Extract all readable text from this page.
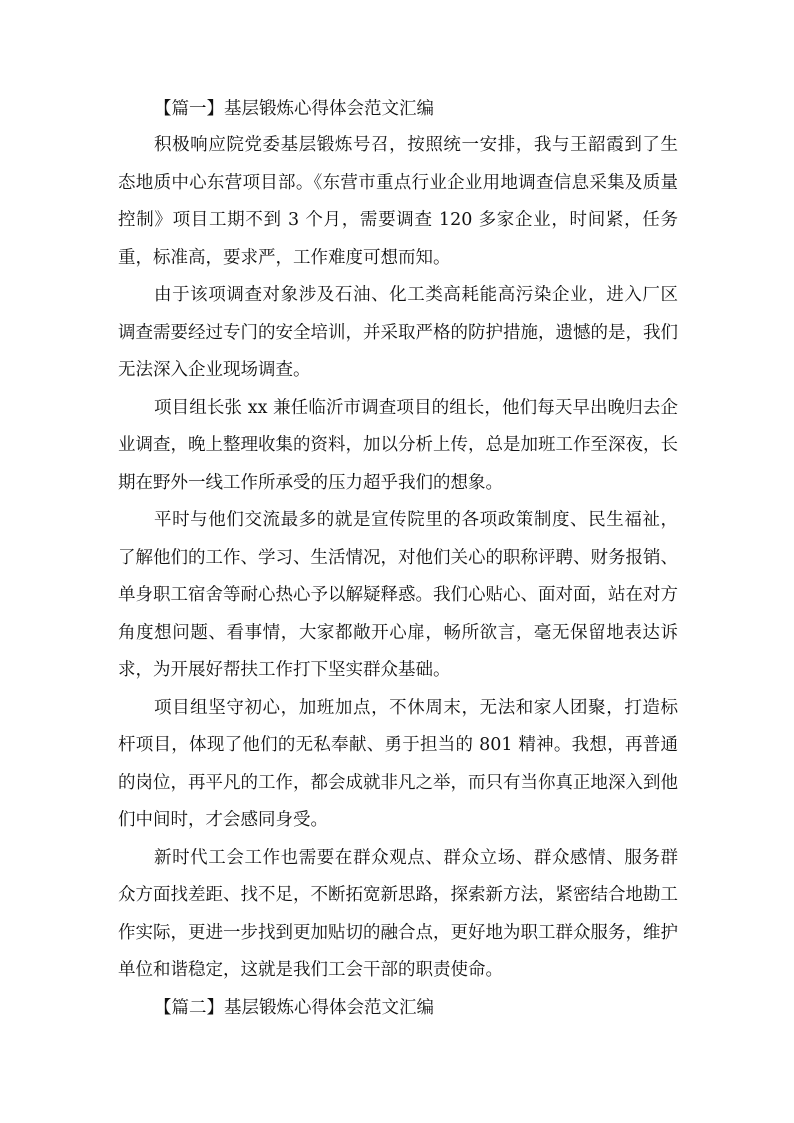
【篇一】基层锻炼心得体会范文汇编

积极响应院党委基层锻炼号召，按照统一安排，我与王韶霞到了生态地质中心东营项目部。《东营市重点行业企业用地调查信息采集及质量控制》项目工期不到 3 个月，需要调查 120 多家企业，时间紧，任务重，标准高，要求严，工作难度可想而知。

由于该项调查对象涉及石油、化工类高耗能高污染企业，进入厂区调查需要经过专门的安全培训，并采取严格的防护措施，遗憾的是，我们无法深入企业现场调查。

项目组长张 xx 兼任临沂市调查项目的组长，他们每天早出晚归去企业调查，晚上整理收集的资料，加以分析上传，总是加班工作至深夜，长期在野外一线工作所承受的压力超乎我们的想象。

平时与他们交流最多的就是宣传院里的各项政策制度、民生福祉，了解他们的工作、学习、生活情况，对他们关心的职称评聘、财务报销、单身职工宿舍等耐心热心予以解疑释惑。我们心贴心、面对面，站在对方角度想问题、看事情，大家都敞开心扉，畅所欲言，毫无保留地表达诉求，为开展好帮扶工作打下坚实群众基础。

项目组坚守初心，加班加点，不休周末，无法和家人团聚，打造标杆项目，体现了他们的无私奉献、勇于担当的 801 精神。我想，再普通的岗位，再平凡的工作，都会成就非凡之举，而只有当你真正地深入到他们中间时，才会感同身受。

新时代工会工作也需要在群众观点、群众立场、群众感情、服务群众方面找差距、找不足，不断拓宽新思路，探索新方法，紧密结合地勘工作实际，更进一步找到更加贴切的融合点，更好地为职工群众服务，维护单位和谐稳定，这就是我们工会干部的职责使命。

【篇二】基层锻炼心得体会范文汇编
